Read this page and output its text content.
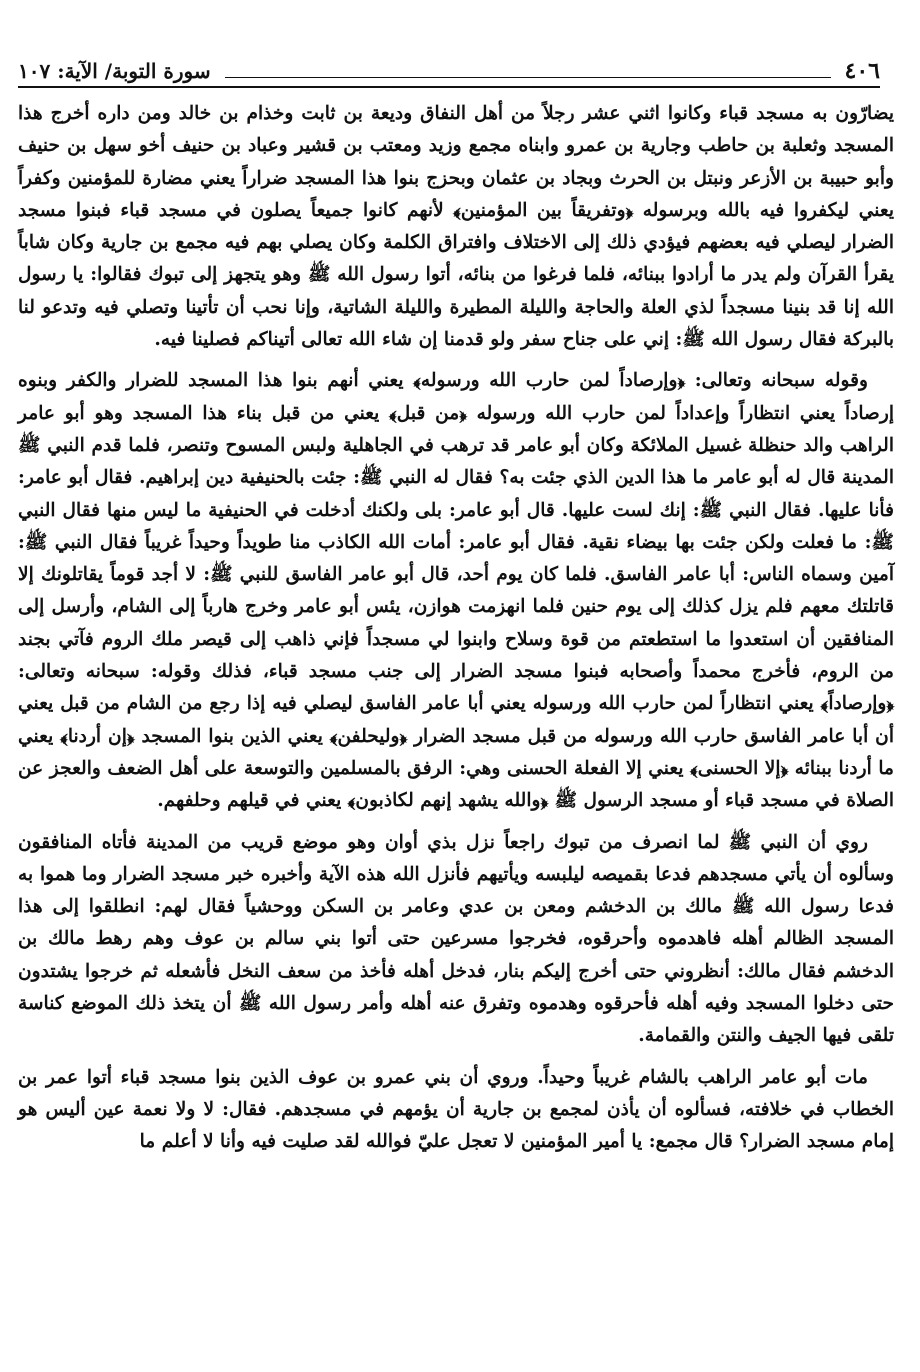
٤٠٦
سورة التوبة/ الآية: ١٠٧

يضارّون به مسجد قباء وكانوا اثني عشر رجلاً من أهل النفاق وديعة بن ثابت وخذام بن خالد ومن داره أخرج هذا المسجد وثعلبة بن حاطب وجارية بن عمرو وابناه مجمع وزيد ومعتب بن قشير وعباد بن حنيف أخو سهل بن حنيف وأبو حبيبة بن الأزعر ونبتل بن الحرث وبجاد بن عثمان وبحزج بنوا هذا المسجد ضراراً يعني مضارة للمؤمنين وكفراً يعني ليكفروا فيه بالله وبرسوله ﴿وتفريقاً بين المؤمنين﴾ لأنهم كانوا جميعاً يصلون في مسجد قباء فبنوا مسجد الضرار ليصلي فيه بعضهم فيؤدي ذلك إلى الاختلاف وافتراق الكلمة وكان يصلي بهم فيه مجمع بن جارية وكان شاباً يقرأ القرآن ولم يدر ما أرادوا ببنائه، فلما فرغوا من بنائه، أتوا رسول الله ﷺ وهو يتجهز إلى تبوك فقالوا: يا رسول الله إنا قد بنينا مسجداً لذي العلة والحاجة والليلة المطيرة والليلة الشاتية، وإنا نحب أن تأتينا وتصلي فيه وتدعو لنا بالبركة فقال رسول الله ﷺ: إني على جناح سفر ولو قدمنا إن شاء الله تعالى أتيناكم فصلينا فيه.

وقوله سبحانه وتعالى: ﴿وإرصاداً لمن حارب الله ورسوله﴾ يعني أنهم بنوا هذا المسجد للضرار والكفر وبنوه إرصاداً يعني انتظاراً وإعداداً لمن حارب الله ورسوله ﴿من قبل﴾ يعني من قبل بناء هذا المسجد وهو أبو عامر الراهب والد حنظلة غسيل الملائكة وكان أبو عامر قد ترهب في الجاهلية ولبس المسوح وتنصر، فلما قدم النبي ﷺ المدينة قال له أبو عامر ما هذا الدين الذي جئت به؟ فقال له النبي ﷺ: جئت بالحنيفية دين إبراهيم. فقال أبو عامر: فأنا عليها. فقال النبي ﷺ: إنك لست عليها. قال أبو عامر: بلى ولكنك أدخلت في الحنيفية ما ليس منها فقال النبي ﷺ: ما فعلت ولكن جئت بها بيضاء نقية. فقال أبو عامر: أمات الله الكاذب منا طويداً وحيداً غريباً فقال النبي ﷺ: آمين وسماه الناس: أبا عامر الفاسق. فلما كان يوم أحد، قال أبو عامر الفاسق للنبي ﷺ: لا أجد قوماً يقاتلونك إلا قاتلتك معهم فلم يزل كذلك إلى يوم حنين فلما انهزمت هوازن، يئس أبو عامر وخرج هارباً إلى الشام، وأرسل إلى المنافقين أن استعدوا ما استطعتم من قوة وسلاح وابنوا لي مسجداً فإني ذاهب إلى قيصر ملك الروم فآتي بجند من الروم، فأخرج محمداً وأصحابه فبنوا مسجد الضرار إلى جنب مسجد قباء، فذلك وقوله: سبحانه وتعالى: ﴿وإرصاداً﴾ يعني انتظاراً لمن حارب الله ورسوله يعني أبا عامر الفاسق ليصلي فيه إذا رجع من الشام من قبل يعني أن أبا عامر الفاسق حارب الله ورسوله من قبل مسجد الضرار ﴿وليحلفن﴾ يعني الذين بنوا المسجد ﴿إن أردنا﴾ يعني ما أردنا ببنائه ﴿إلا الحسنى﴾ يعني إلا الفعلة الحسنى وهي: الرفق بالمسلمين والتوسعة على أهل الضعف والعجز عن الصلاة في مسجد قباء أو مسجد الرسول ﷺ ﴿والله يشهد إنهم لكاذبون﴾ يعني في قيلهم وحلفهم.

روي أن النبي ﷺ لما انصرف من تبوك راجعاً نزل بذي أوان وهو موضع قريب من المدينة فأتاه المنافقون وسألوه أن يأتي مسجدهم فدعا بقميصه ليلبسه ويأتيهم فأنزل الله هذه الآية وأخبره خبر مسجد الضرار وما هموا به فدعا رسول الله ﷺ مالك بن الدخشم ومعن بن عدي وعامر بن السكن ووحشياً فقال لهم: انطلقوا إلى هذا المسجد الظالم أهله فاهدموه وأحرقوه، فخرجوا مسرعين حتى أتوا بني سالم بن عوف وهم رهط مالك بن الدخشم فقال مالك: أنظروني حتى أخرج إليكم بنار، فدخل أهله فأخذ من سعف النخل فأشعله ثم خرجوا يشتدون حتى دخلوا المسجد وفيه أهله فأحرقوه وهدموه وتفرق عنه أهله وأمر رسول الله ﷺ أن يتخذ ذلك الموضع كناسة تلقى فيها الجيف والنتن والقمامة.

مات أبو عامر الراهب بالشام غريباً وحيداً. وروي أن بني عمرو بن عوف الذين بنوا مسجد قباء أتوا عمر بن الخطاب في خلافته، فسألوه أن يأذن لمجمع بن جارية أن يؤمهم في مسجدهم. فقال: لا ولا نعمة عين أليس هو إمام مسجد الضرار؟ قال مجمع: يا أمير المؤمنين لا تعجل عليّ فوالله لقد صليت فيه وأنا لا أعلم ما
